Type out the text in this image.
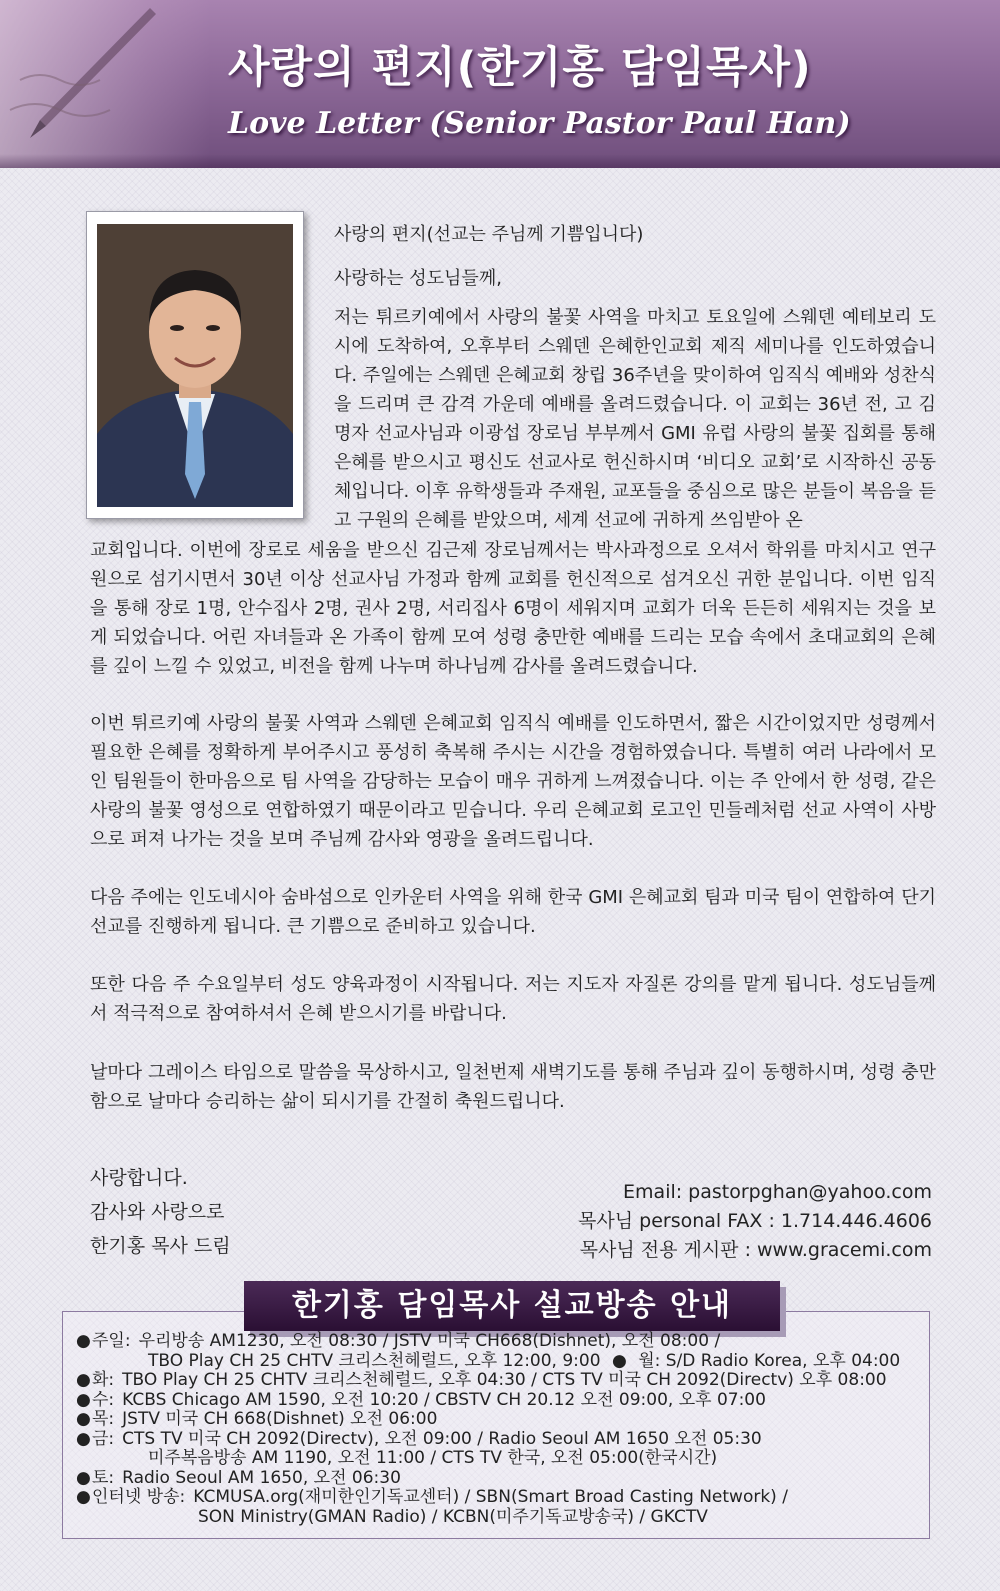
사랑의 편지(한기홍 담임목사)
Love Letter (Senior Pastor Paul Han)
사랑의 편지(선교는 주님께 기쁨입니다)
사랑하는 성도님들께,

저는 튀르키예에서 사랑의 불꽃 사역을 마치고 토요일에 스웨덴 예테보리 도시에 도착하여, 오후부터 스웨덴 은혜한인교회 제직 세미나를 인도하였습니다. 주일에는 스웨덴 은혜교회 창립 36주년을 맞이하여 임직식 예배와 성찬식을 드리며 큰 감격 가운데 예배를 올려드렸습니다. 이 교회는 36년 전, 고 김명자 선교사님과 이광섭 장로님 부부께서 GMI 유럽 사랑의 불꽃 집회를 통해 은혜를 받으시고 평신도 선교사로 헌신하시며 ‘비디오 교회’로 시작하신 공동체입니다. 이후 유학생들과 주재원, 교포들을 중심으로 많은 분들이 복음을 듣고 구원의 은혜를 받았으며, 세계 선교에 귀하게 쓰임받아 온

교회입니다. 이번에 장로로 세움을 받으신 김근제 장로님께서는 박사과정으로 오셔서 학위를 마치시고 연구원으로 섬기시면서 30년 이상 선교사님 가정과 함께 교회를 헌신적으로 섬겨오신 귀한 분입니다. 이번 임직을 통해 장로 1명, 안수집사 2명, 권사 2명, 서리집사 6명이 세워지며 교회가 더욱 든든히 세워지는 것을 보게 되었습니다. 어린 자녀들과 온 가족이 함께 모여 성령 충만한 예배를 드리는 모습 속에서 초대교회의 은혜를 깊이 느낄 수 있었고, 비전을 함께 나누며 하나님께 감사를 올려드렸습니다.

이번 튀르키예 사랑의 불꽃 사역과 스웨덴 은혜교회 임직식 예배를 인도하면서, 짧은 시간이었지만 성령께서 필요한 은혜를 정확하게 부어주시고 풍성히 축복해 주시는 시간을 경험하였습니다. 특별히 여러 나라에서 모인 팀원들이 한마음으로 팀 사역을 감당하는 모습이 매우 귀하게 느껴졌습니다. 이는 주 안에서 한 성령, 같은 사랑의 불꽃 영성으로 연합하였기 때문이라고 믿습니다. 우리 은혜교회 로고인 민들레처럼 선교 사역이 사방으로 퍼져 나가는 것을 보며 주님께 감사와 영광을 올려드립니다.

다음 주에는 인도네시아 숨바섬으로 인카운터 사역을 위해 한국 GMI 은혜교회 팀과 미국 팀이 연합하여 단기선교를 진행하게 됩니다. 큰 기쁨으로 준비하고 있습니다.

또한 다음 주 수요일부터 성도 양육과정이 시작됩니다. 저는 지도자 자질론 강의를 맡게 됩니다. 성도님들께서 적극적으로 참여하셔서 은혜 받으시기를 바랍니다.

날마다 그레이스 타임으로 말씀을 묵상하시고, 일천번제 새벽기도를 통해 주님과 깊이 동행하시며, 성령 충만함으로 날마다 승리하는 삶이 되시기를 간절히 축원드립니다.

사랑합니다.
감사와 사랑으로
한기홍 목사 드림
Email: pastorpghan@yahoo.com
목사님 personal FAX : 1.714.446.4606
목사님 전용 게시판 : www.gracemi.com
한기홍 담임목사 설교방송 안내
● 주일: 우리방송 AM1230, 오전 08:30 / JSTV 미국 CH668(Dishnet), 오전 08:00 /
TBO Play CH 25 CHTV 크리스천헤럴드, 오후 12:00, 9:00 ● 월: S/D Radio Korea, 오후 04:00
● 화: TBO Play CH 25 CHTV 크리스천헤럴드, 오후 04:30 / CTS TV 미국 CH 2092(Directv) 오후 08:00
● 수: KCBS Chicago AM 1590, 오전 10:20 / CBSTV CH 20.12 오전 09:00, 오후 07:00
● 목: JSTV 미국 CH 668(Dishnet) 오전 06:00
● 금: CTS TV 미국 CH 2092(Directv), 오전 09:00 / Radio Seoul AM 1650 오전 05:30
미주복음방송 AM 1190, 오전 11:00 / CTS TV 한국, 오전 05:00(한국시간)
● 토: Radio Seoul AM 1650, 오전 06:30
● 인터넷 방송: KCMUSA.org(재미한인기독교센터) / SBN(Smart Broad Casting Network) /
SON Ministry(GMAN Radio) / KCBN(미주기독교방송국) / GKCTV
